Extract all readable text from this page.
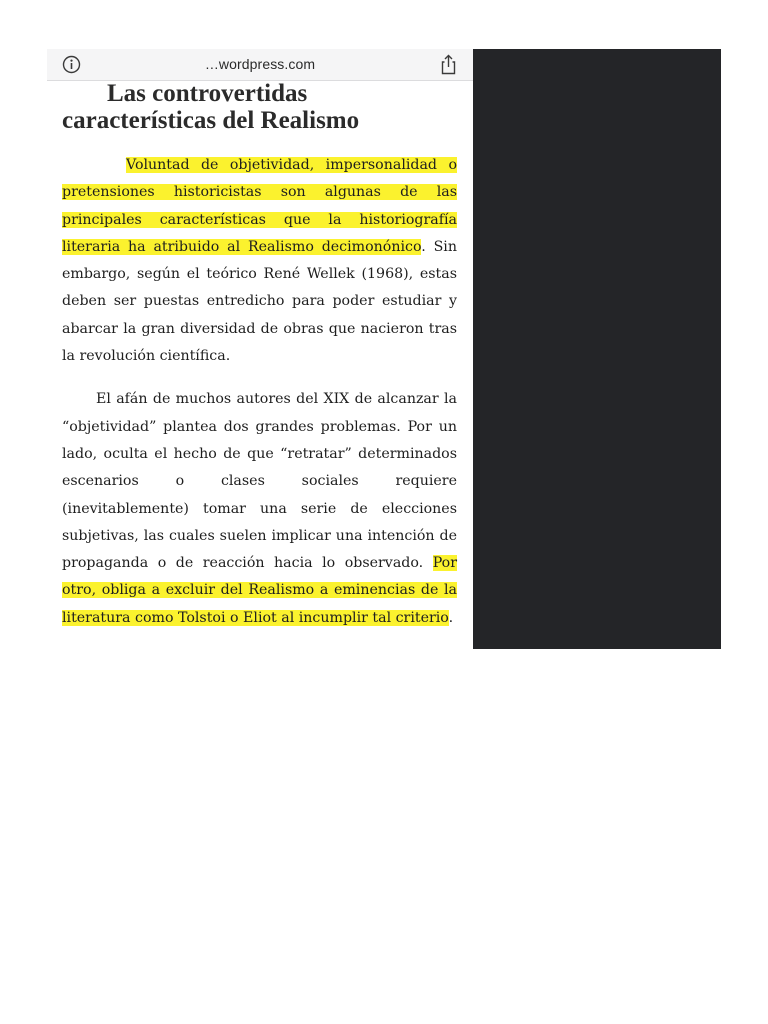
…wordpress.com
Las controvertidas
características del Realismo

Voluntad de objetividad, impersonalidad o pretensiones historicistas son algunas de las principales características que la historiografía literaria ha atribuido al Realismo decimonónico. Sin embargo, según el teórico René Wellek (1968), estas deben ser puestas entredicho para poder estudiar y abarcar la gran diversidad de obras que nacieron tras la revolución científica.

El afán de muchos autores del XIX de alcanzar la “objetividad” plantea dos grandes problemas. Por un lado, oculta el hecho de que “retratar” determinados escenarios o clases sociales requiere (inevitablemente) tomar una serie de elecciones subjetivas, las cuales suelen implicar una intención de propaganda o de reacción hacia lo observado. Por otro, obliga a excluir del Realismo a eminencias de la literatura como Tolstoi o Eliot al incumplir tal criterio.
